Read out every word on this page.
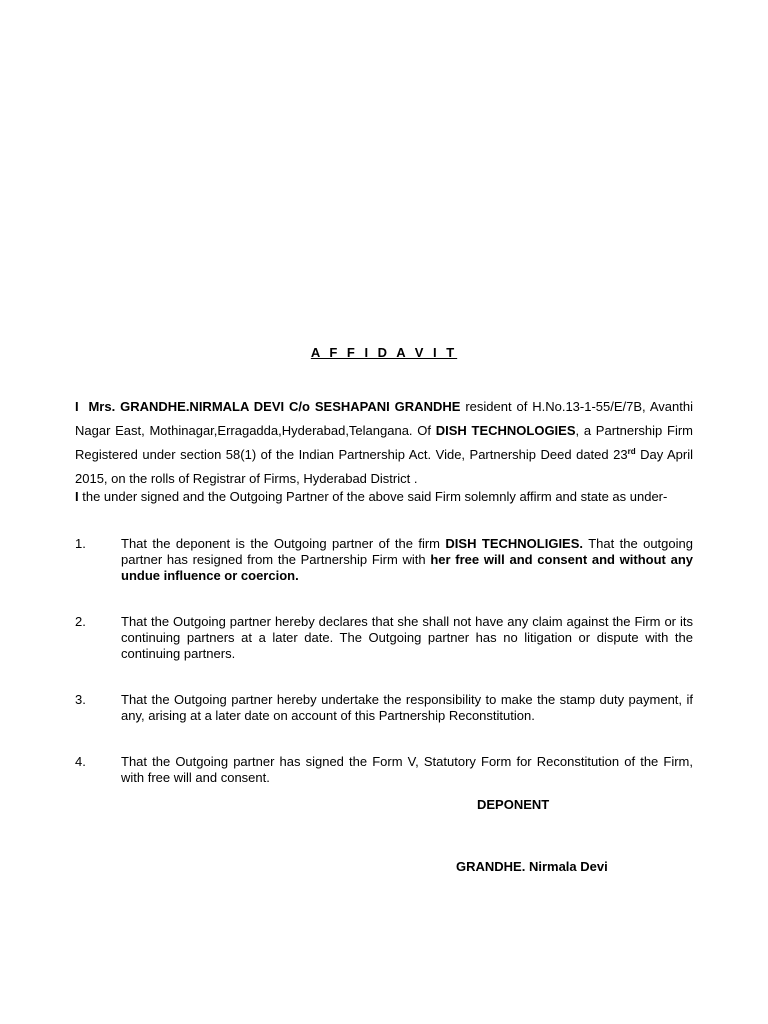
A F F I D A V I T

I Mrs. GRANDHE.NIRMALA DEVI C/o SESHAPANI GRANDHE resident of H.No.13-1-55/E/7B, Avanthi Nagar East, Mothinagar,Erragadda,Hyderabad,Telangana. Of DISH TECHNOLOGIES, a Partnership Firm Registered under section 58(1) of the Indian Partnership Act. Vide, Partnership Deed dated 23rd Day April 2015, on the rolls of Registrar of Firms, Hyderabad District .

I the under signed and the Outgoing Partner of the above said Firm solemnly affirm and state as under-

1.	That the deponent is the Outgoing partner of the firm DISH TECHNOLIGIES. That the outgoing partner has resigned from the Partnership Firm with her free will and consent and without any undue influence or coercion.
2.	That the Outgoing partner hereby declares that she shall not have any claim against the Firm or its continuing partners at a later date. The Outgoing partner has no litigation or dispute with the continuing partners.
3.	That the Outgoing partner hereby undertake the responsibility to make the stamp duty payment, if any, arising at a later date on account of this Partnership Reconstitution.
4.	That the Outgoing partner has signed the Form V, Statutory Form for Reconstitution of the Firm, with free will and consent.
DEPONENT
GRANDHE. Nirmala Devi
